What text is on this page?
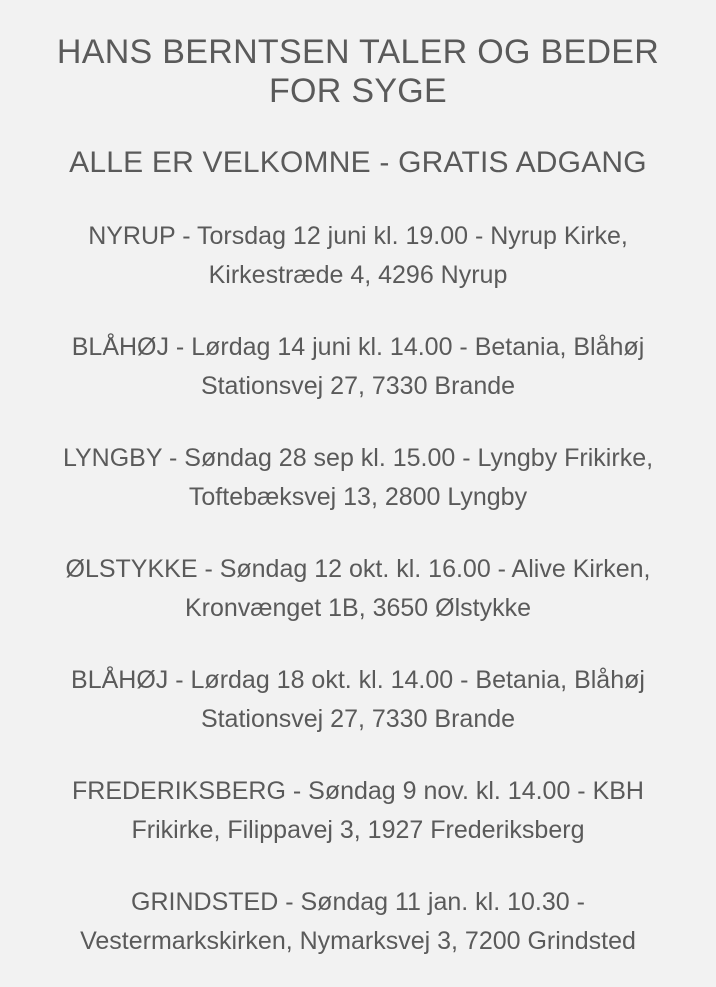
HANS BERNTSEN TALER OG BEDER
FOR SYGE
ALLE ER VELKOMNE - GRATIS ADGANG

NYRUP - Torsdag 12 juni kl. 19.00 - Nyrup Kirke,
Kirkestræde 4, 4296 Nyrup

BLÅHØJ - Lørdag 14 juni kl. 14.00 - Betania, Blåhøj
Stationsvej 27, 7330 Brande

LYNGBY - Søndag 28 sep kl. 15.00 - Lyngby Frikirke,
Toftebæksvej 13, 2800 Lyngby

ØLSTYKKE - Søndag 12 okt. kl. 16.00 - Alive Kirken,
Kronvænget 1B, 3650 Ølstykke

BLÅHØJ - Lørdag 18 okt. kl. 14.00 - Betania, Blåhøj
Stationsvej 27, 7330 Brande

FREDERIKSBERG - Søndag 9 nov. kl. 14.00 - KBH
Frikirke, Filippavej 3, 1927 Frederiksberg

GRINDSTED - Søndag 11 jan. kl. 10.30 -
Vestermarkskirken, Nymarksvej 3, 7200 Grindsted
